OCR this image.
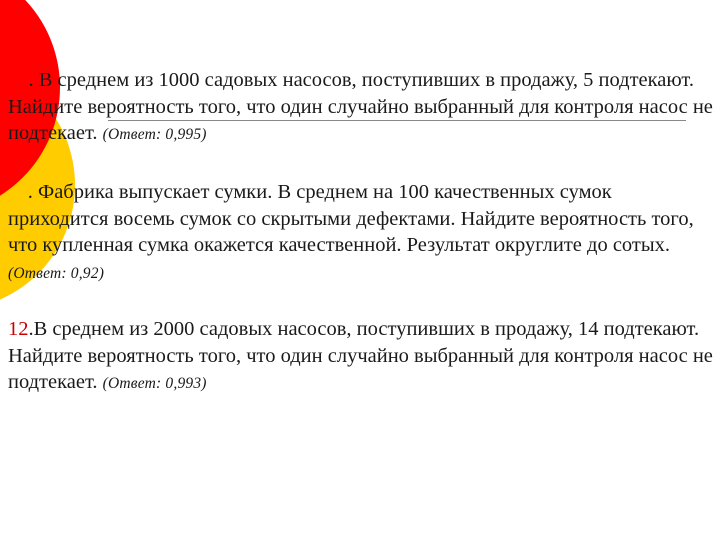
. В среднем из 1000 садовых насосов, поступивших в продажу, 5 подтекают. Найдите вероятность того, что один случайно выбранный для контроля насос не подтекает. (Ответ: 0,995)

. Фабрика выпускает сумки. В среднем на 100 качественных сумок приходится восемь сумок со скрытыми дефектами. Найдите вероятность того, что купленная сумка окажется качественной. Результат округлите до сотых. (Ответ: 0,92)

12.В среднем из 2000 садовых насосов, поступивших в продажу, 14 подтекают. Найдите вероятность того, что один случайно выбранный для контроля насос не подтекает. (Ответ: 0,993)
